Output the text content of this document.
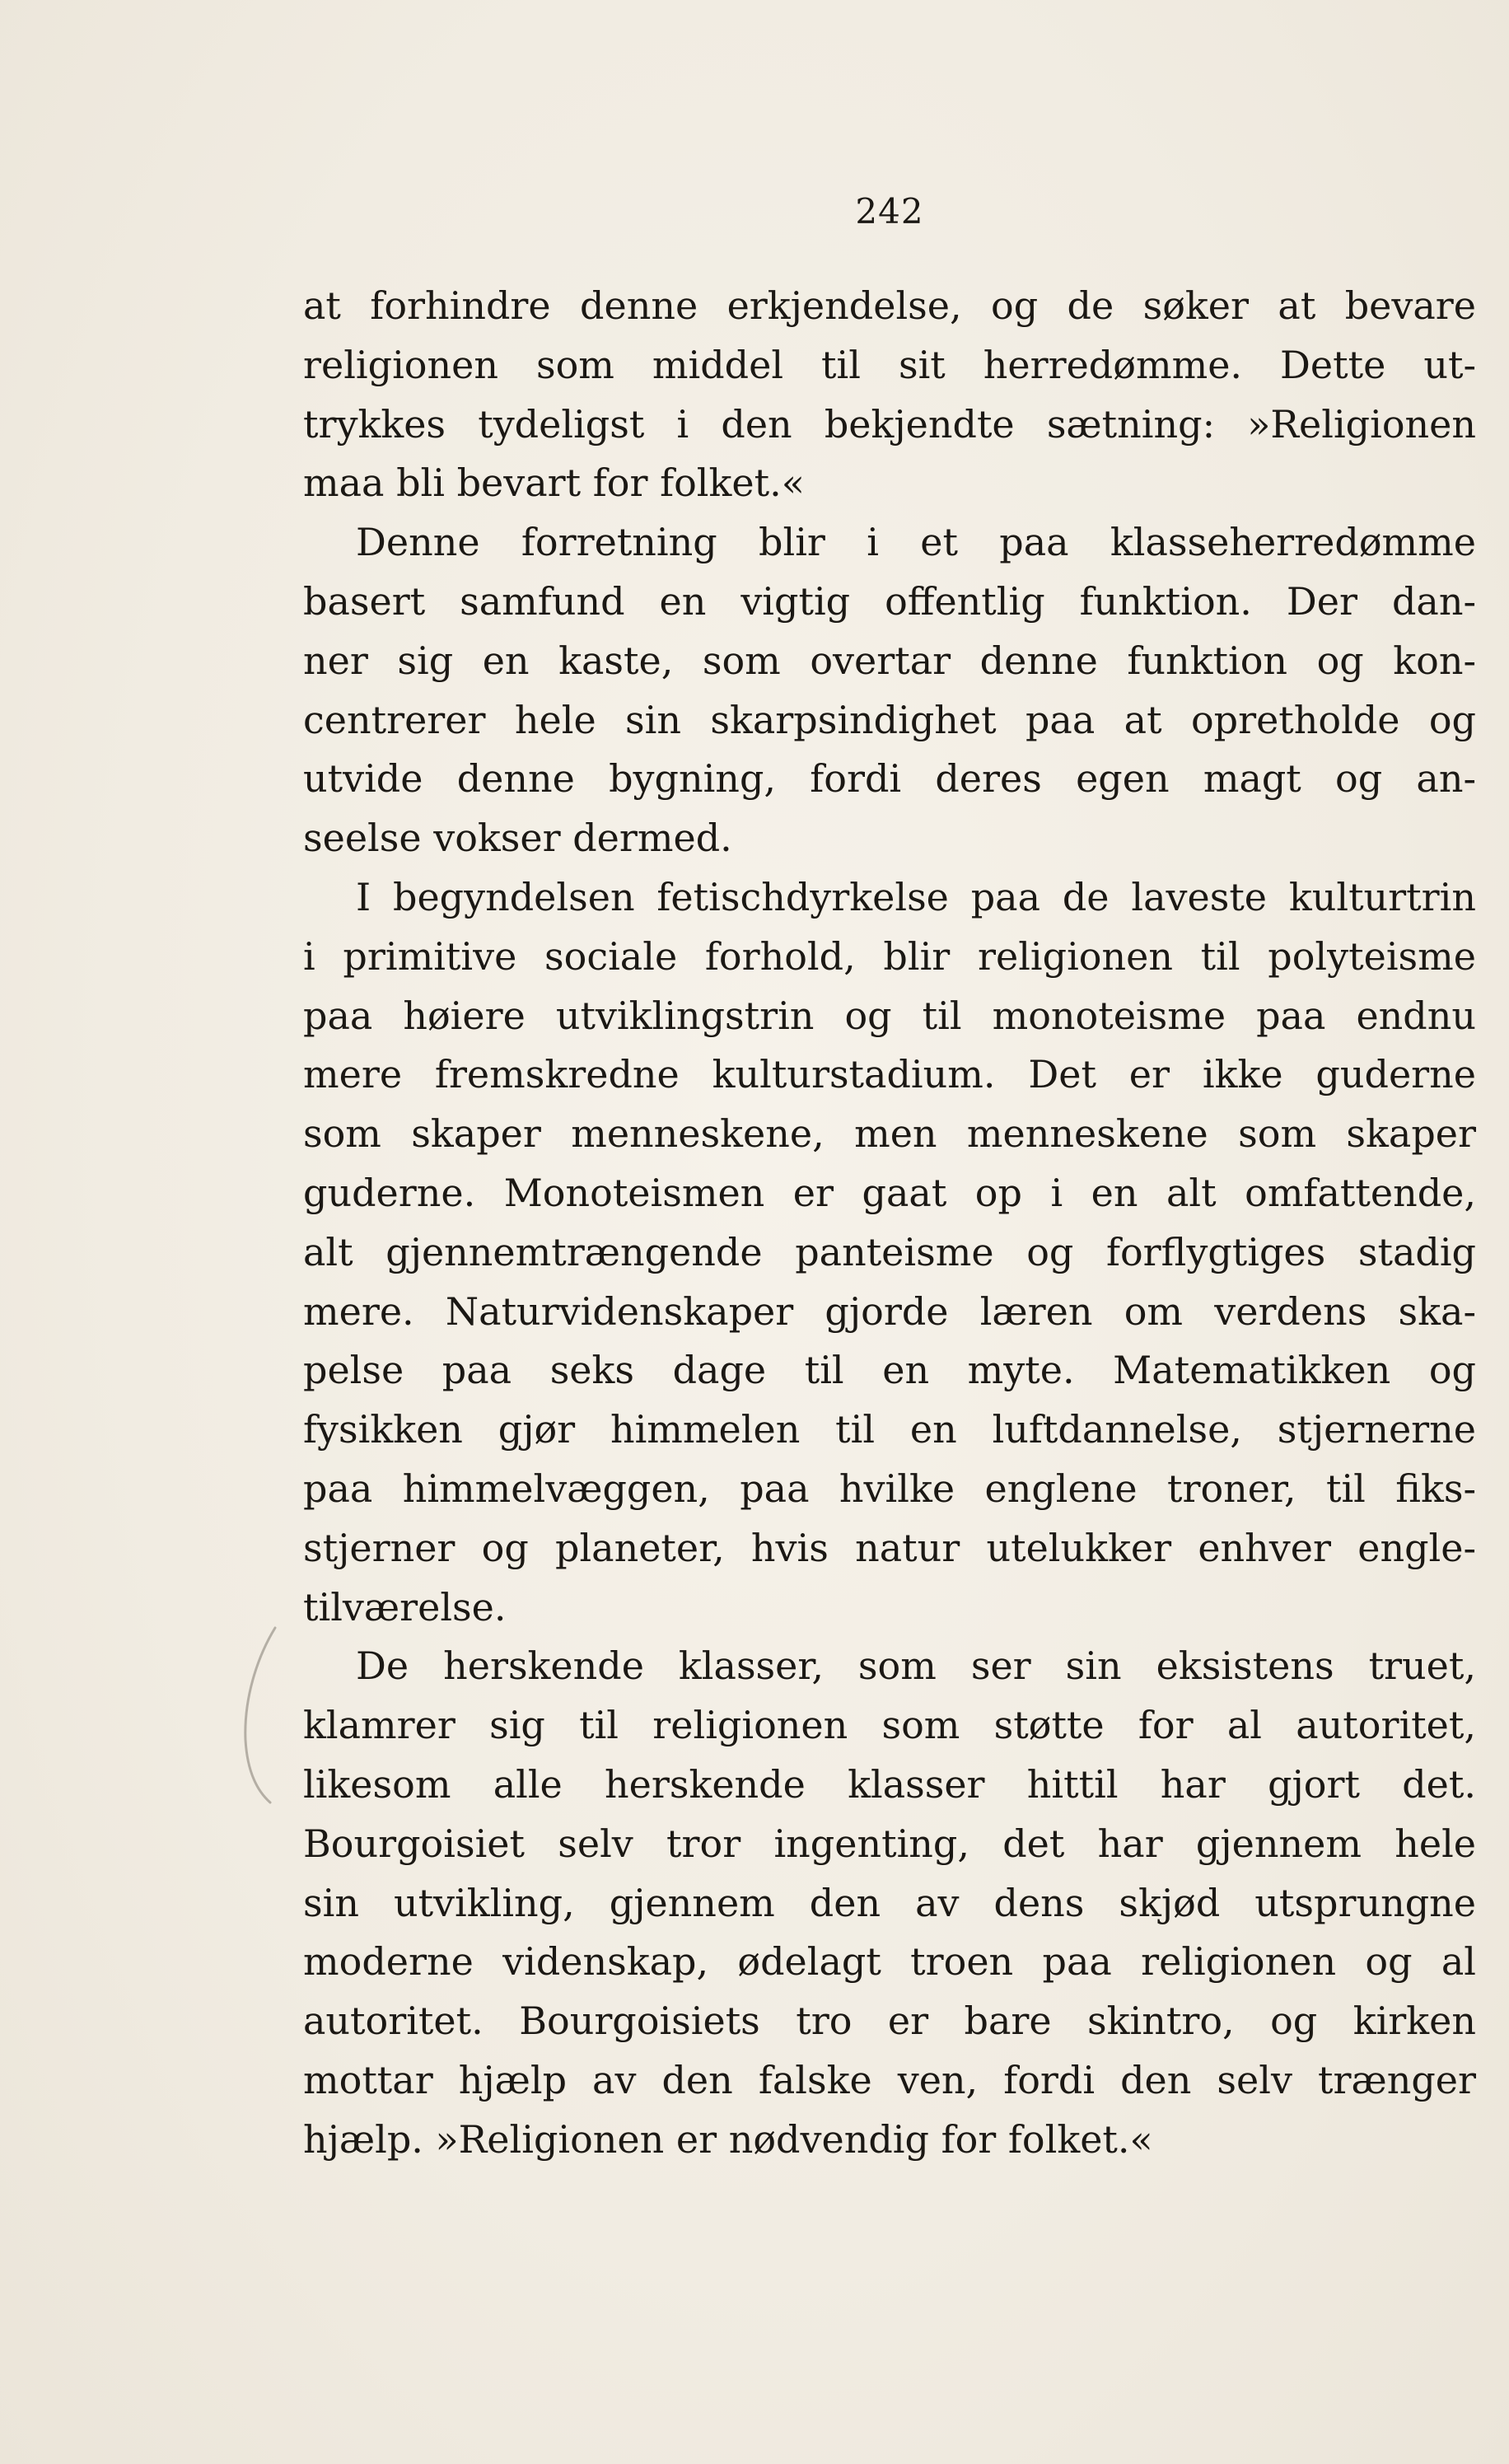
242
at forhindre denne erkjendelse, og de søker at bevare
religionen som middel til sit herredømme. Dette ut-
trykkes tydeligst i den bekjendte sætning: »Religionen
maa bli bevart for folket.«
Denne forretning blir i et paa klasseherredømme
basert samfund en vigtig offentlig funktion. Der dan-
ner sig en kaste, som overtar denne funktion og kon-
centrerer hele sin skarpsindighet paa at opretholde og
utvide denne bygning, fordi deres egen magt og an-
seelse vokser dermed.
I begyndelsen fetischdyrkelse paa de laveste kulturtrin
i primitive sociale forhold, blir religionen til polyteisme
paa høiere utviklingstrin og til monoteisme paa endnu
mere fremskredne kulturstadium. Det er ikke guderne
som skaper menneskene, men menneskene som skaper
guderne. Monoteismen er gaat op i en alt omfattende,
alt gjennemtrængende panteisme og forflygtiges stadig
mere. Naturvidenskaper gjorde læren om verdens ska-
pelse paa seks dage til en myte. Matematikken og
fysikken gjør himmelen til en luftdannelse, stjernerne
paa himmelvæggen, paa hvilke englene troner, til fiks-
stjerner og planeter, hvis natur utelukker enhver engle-
tilværelse.
De herskende klasser, som ser sin eksistens truet,
klamrer sig til religionen som støtte for al autoritet,
likesom alle herskende klasser hittil har gjort det.
Bourgoisiet selv tror ingenting, det har gjennem hele
sin utvikling, gjennem den av dens skjød utsprungne
moderne videnskap, ødelagt troen paa religionen og al
autoritet. Bourgoisiets tro er bare skintro, og kirken
mottar hjælp av den falske ven, fordi den selv trænger
hjælp. »Religionen er nødvendig for folket.«
